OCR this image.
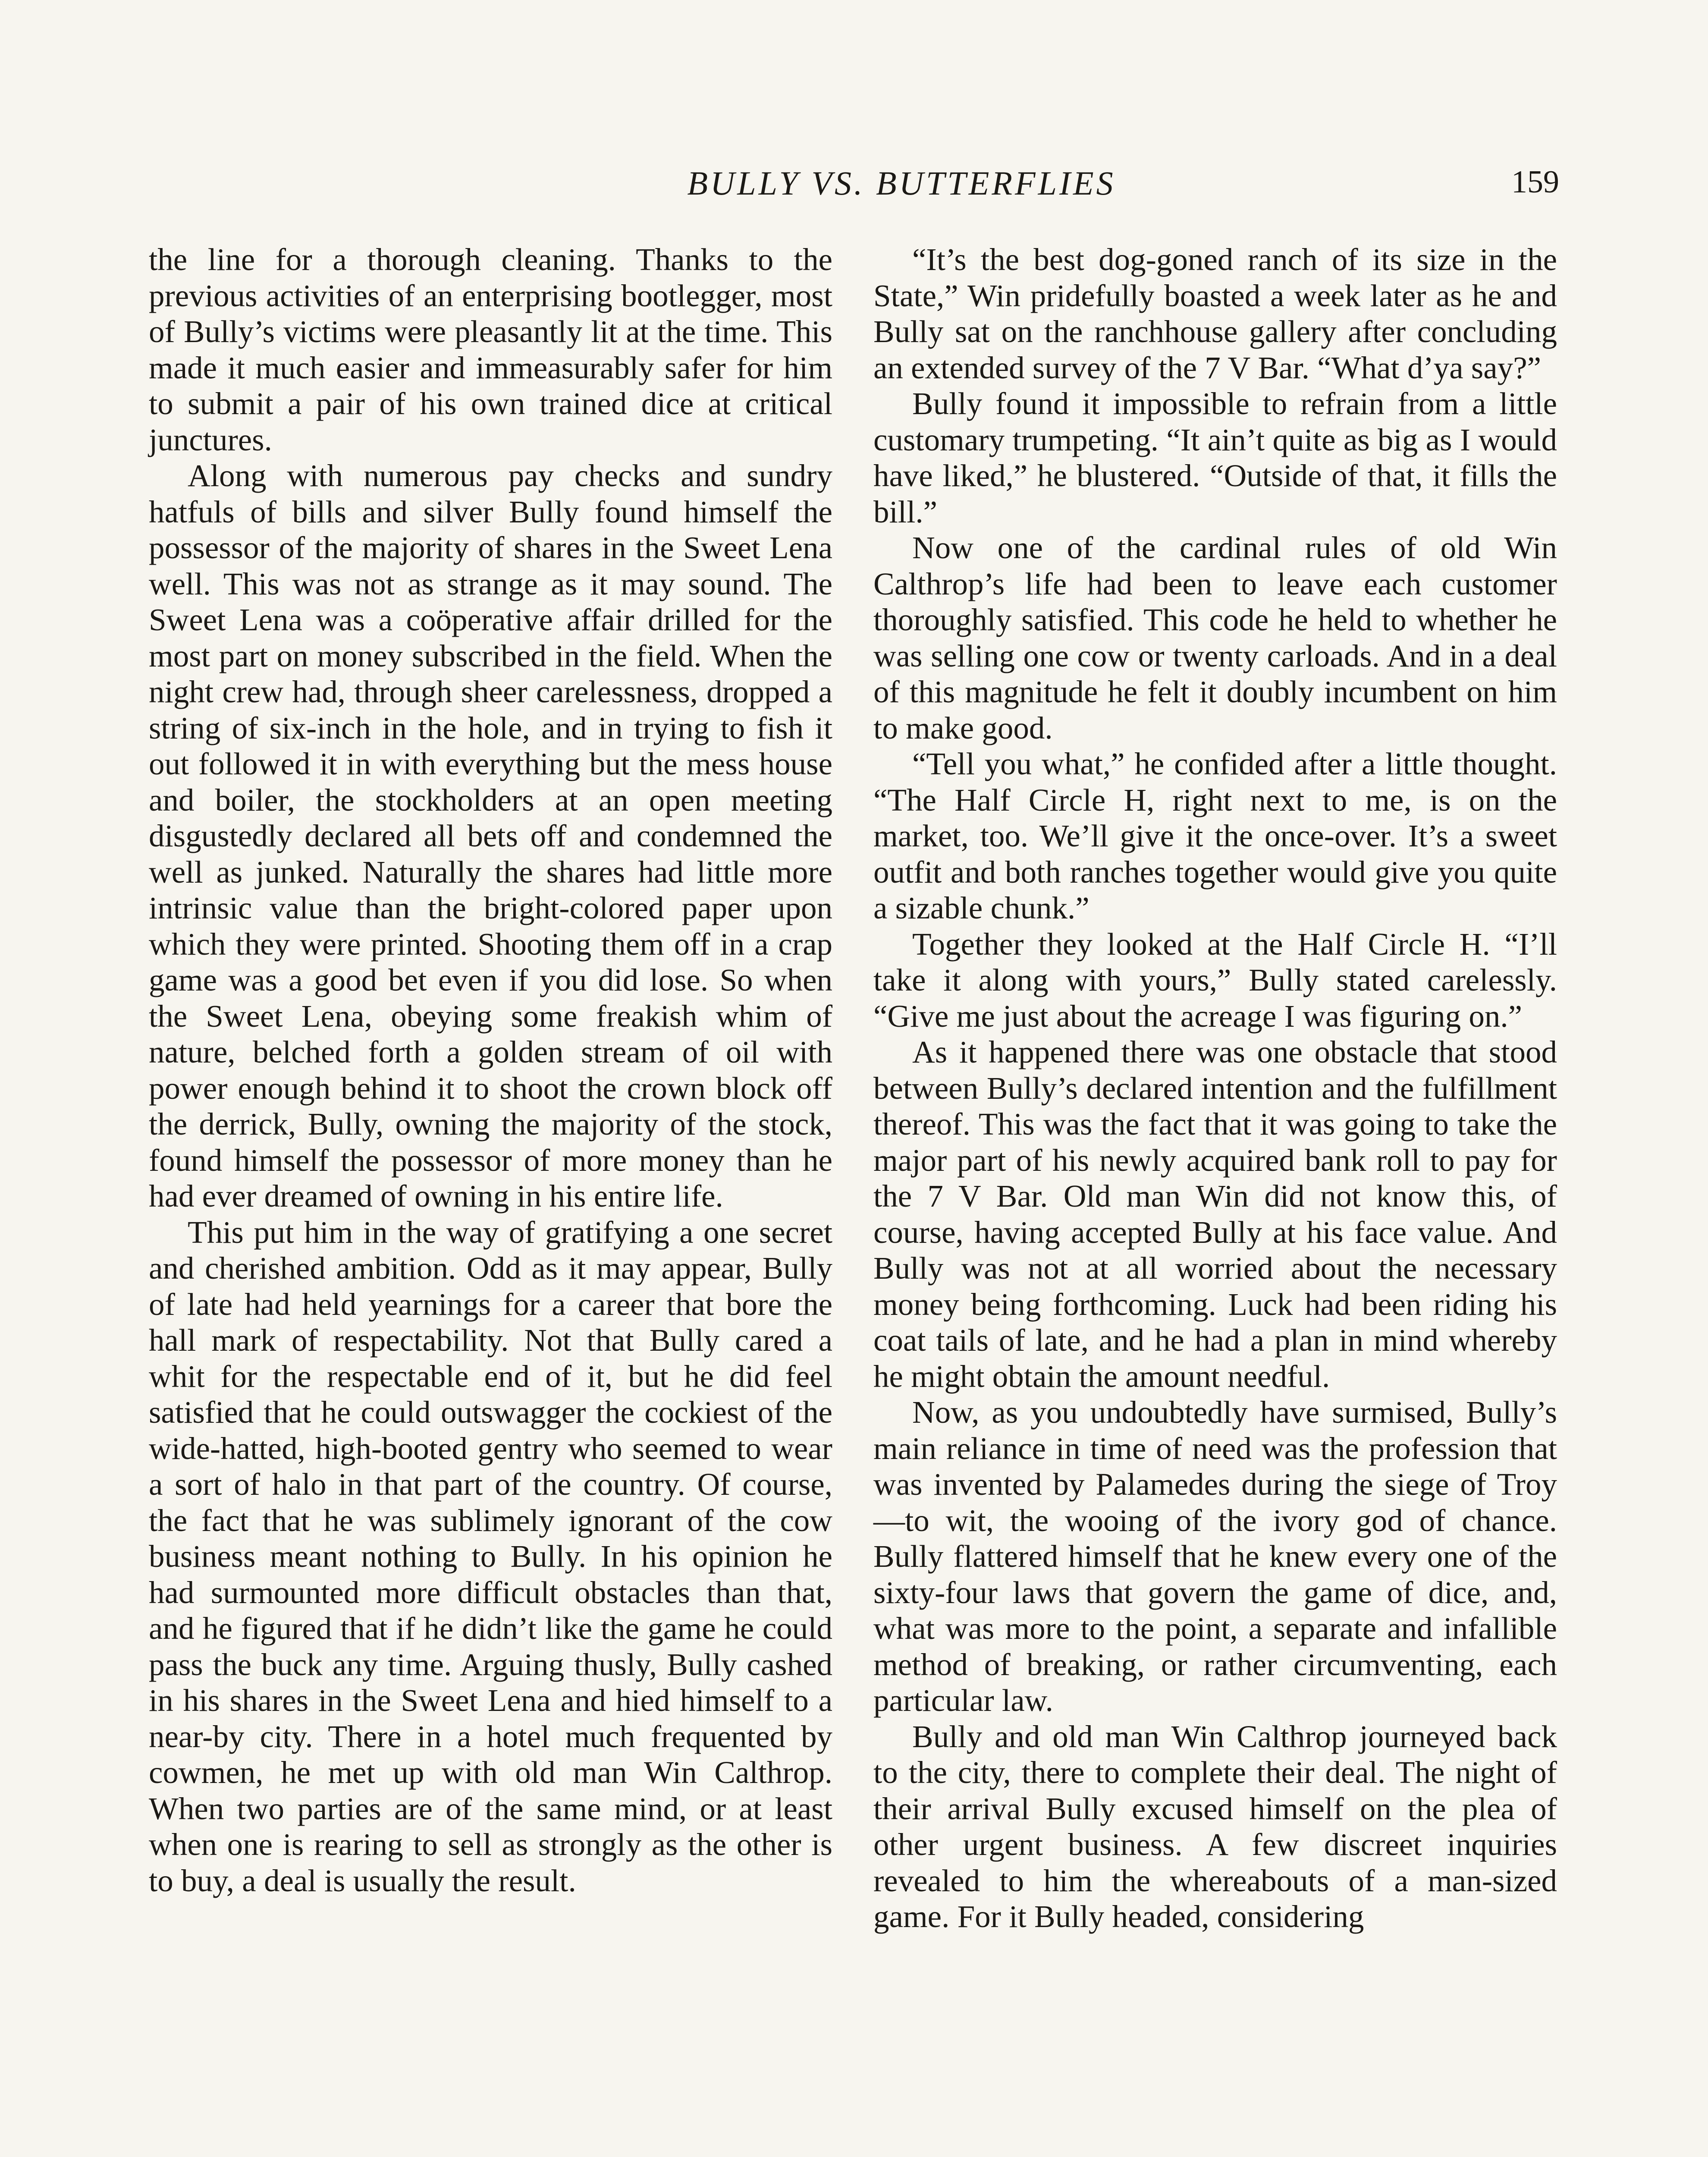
BULLY VS. BUTTERFLIES	159

the line for a thorough cleaning. Thanks to the previous activities of an enterprising bootlegger, most of Bully’s victims were pleasantly lit at the time. This made it much easier and immeasurably safer for him to submit a pair of his own trained dice at critical junctures.

Along with numerous pay checks and sundry hatfuls of bills and silver Bully found himself the possessor of the majority of shares in the Sweet Lena well. This was not as strange as it may sound. The Sweet Lena was a coöperative affair drilled for the most part on money subscribed in the field. When the night crew had, through sheer carelessness, dropped a string of six-inch in the hole, and in trying to fish it out followed it in with everything but the mess house and boiler, the stockholders at an open meeting disgustedly declared all bets off and condemned the well as junked. Naturally the shares had little more intrinsic value than the bright-colored paper upon which they were printed. Shooting them off in a crap game was a good bet even if you did lose. So when the Sweet Lena, obeying some freakish whim of nature, belched forth a golden stream of oil with power enough behind it to shoot the crown block off the derrick, Bully, owning the majority of the stock, found himself the possessor of more money than he had ever dreamed of owning in his entire life.

This put him in the way of gratifying a one secret and cherished ambition. Odd as it may appear, Bully of late had held yearnings for a career that bore the hall mark of respectability. Not that Bully cared a whit for the respectable end of it, but he did feel satisfied that he could outswagger the cockiest of the wide-hatted, high-booted gentry who seemed to wear a sort of halo in that part of the country. Of course, the fact that he was sublimely ignorant of the cow business meant nothing to Bully. In his opinion he had surmounted more difficult obstacles than that, and he figured that if he didn’t like the game he could pass the buck any time. Arguing thusly, Bully cashed in his shares in the Sweet Lena and hied himself to a near-by city. There in a hotel much frequented by cowmen, he met up with old man Win Calthrop. When two parties are of the same mind, or at least when one is rearing to sell as strongly as the other is to buy, a deal is usually the result.

“It’s the best dog-goned ranch of its size in the State,” Win pridefully boasted a week later as he and Bully sat on the ranchhouse gallery after concluding an extended survey of the 7 V Bar. “What d’ya say?”

Bully found it impossible to refrain from a little customary trumpeting. “It ain’t quite as big as I would have liked,” he blustered. “Outside of that, it fills the bill.”

Now one of the cardinal rules of old Win Calthrop’s life had been to leave each customer thoroughly satisfied. This code he held to whether he was selling one cow or twenty carloads. And in a deal of this magnitude he felt it doubly incumbent on him to make good.

“Tell you what,” he confided after a little thought. “The Half Circle H, right next to me, is on the market, too. We’ll give it the once-over. It’s a sweet outfit and both ranches together would give you quite a sizable chunk.”

Together they looked at the Half Circle H. “I’ll take it along with yours,” Bully stated carelessly. “Give me just about the acreage I was figuring on.”

As it happened there was one obstacle that stood between Bully’s declared intention and the fulfillment thereof. This was the fact that it was going to take the major part of his newly acquired bank roll to pay for the 7 V Bar. Old man Win did not know this, of course, having accepted Bully at his face value. And Bully was not at all worried about the necessary money being forthcoming. Luck had been riding his coat tails of late, and he had a plan in mind whereby he might obtain the amount needful.

Now, as you undoubtedly have surmised, Bully’s main reliance in time of need was the profession that was invented by Palamedes during the siege of Troy—to wit, the wooing of the ivory god of chance. Bully flattered himself that he knew every one of the sixty-four laws that govern the game of dice, and, what was more to the point, a separate and infallible method of breaking, or rather circumventing, each particular law.

Bully and old man Win Calthrop journeyed back to the city, there to complete their deal. The night of their arrival Bully excused himself on the plea of other urgent business. A few discreet inquiries revealed to him the whereabouts of a man-sized game. For it Bully headed, considering
